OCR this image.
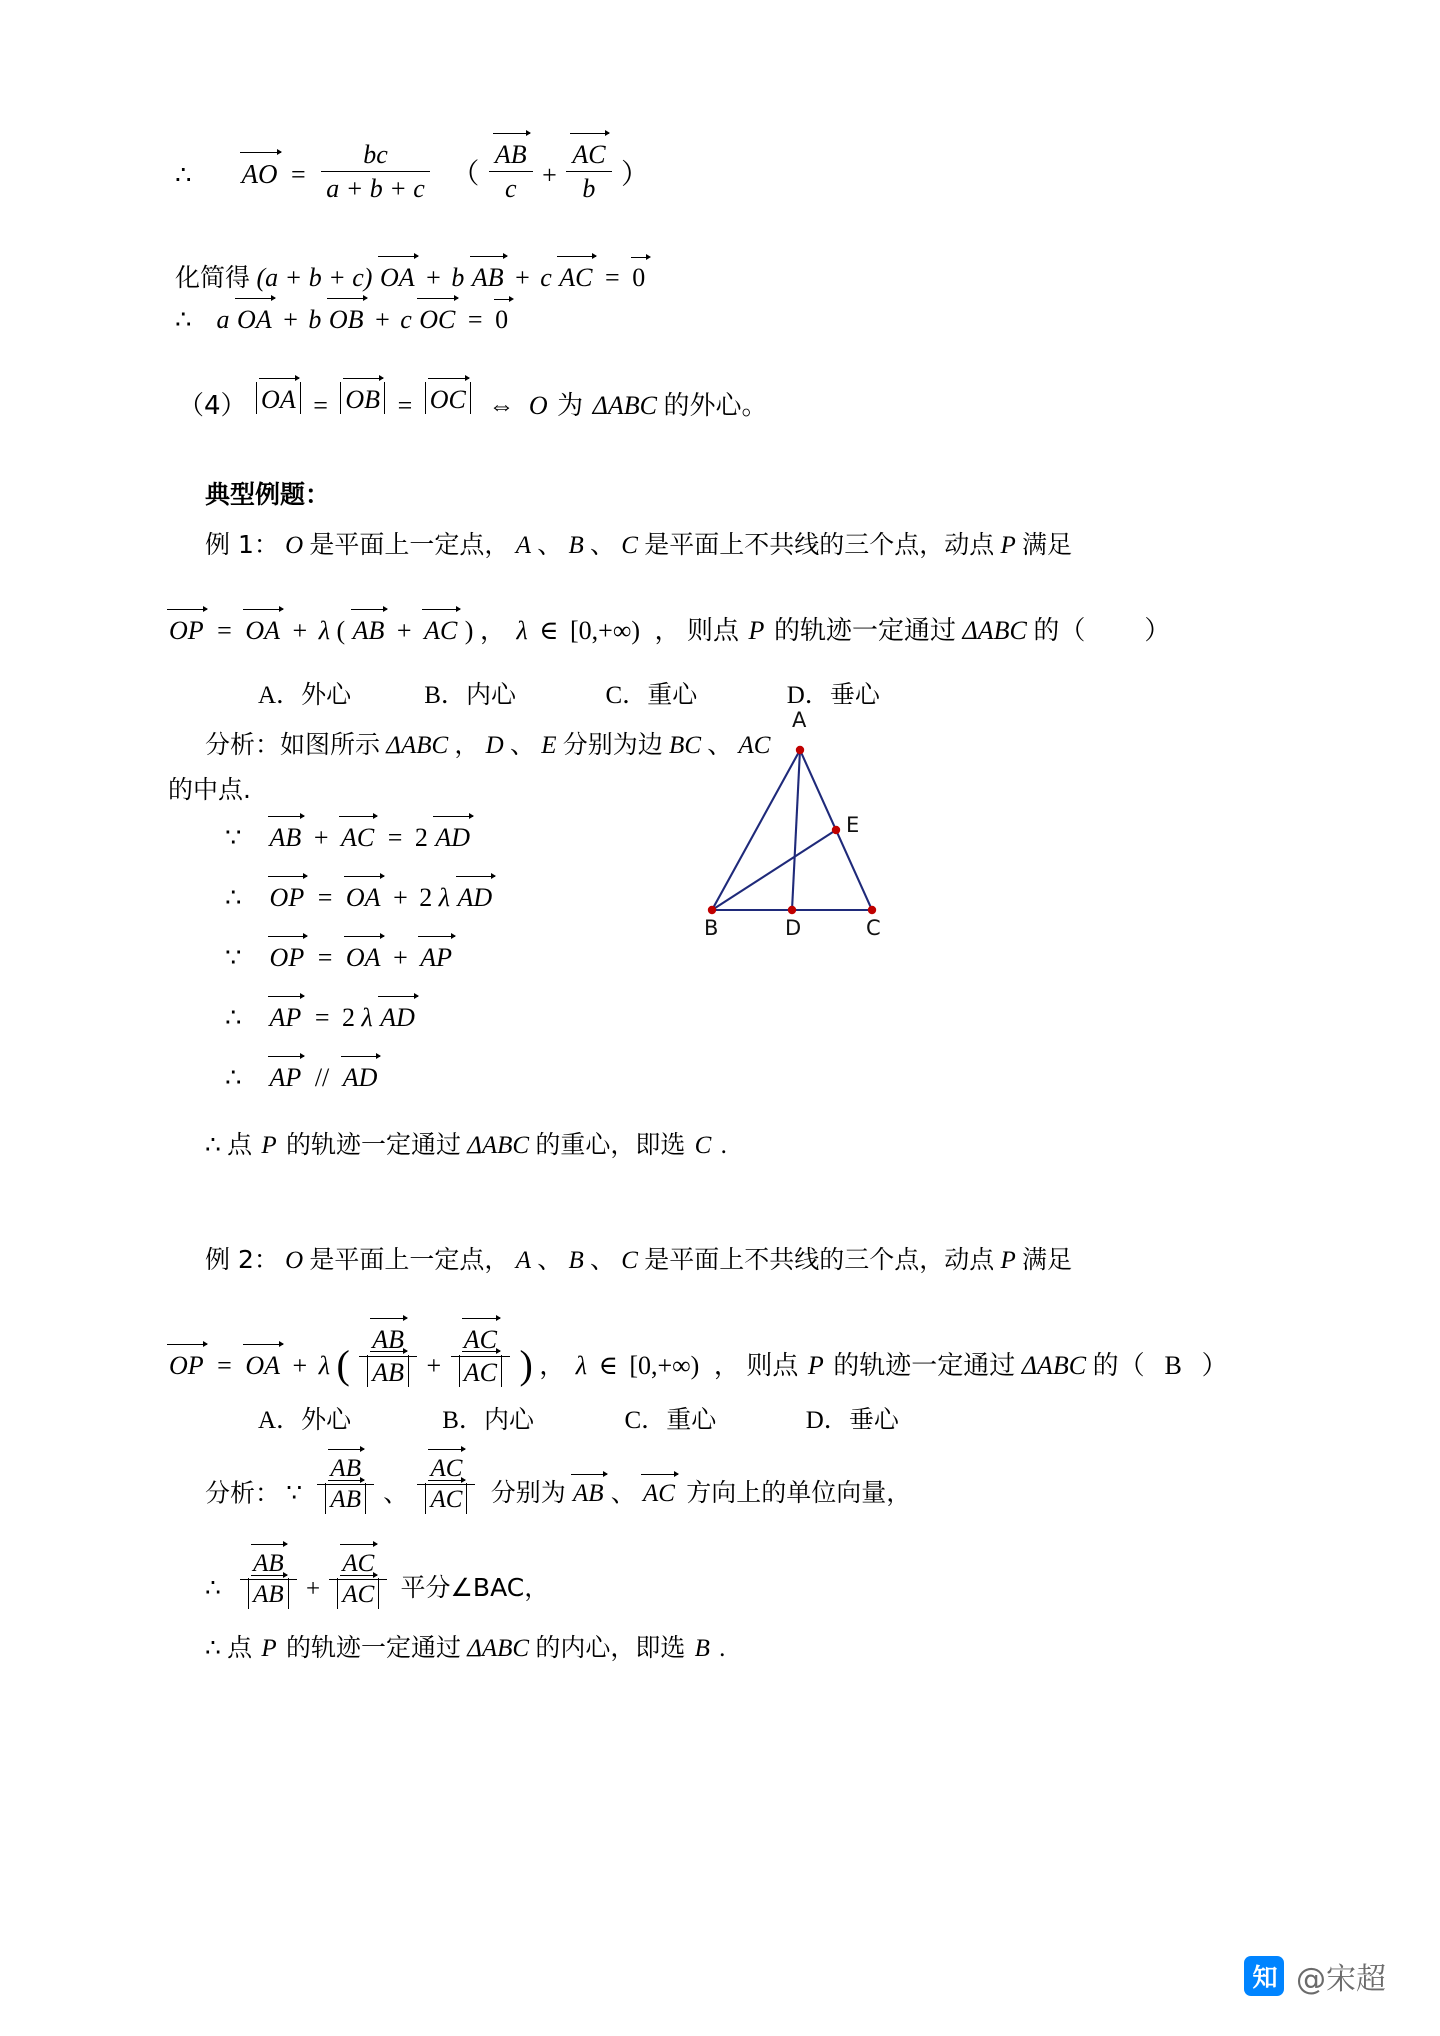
∴ AO = $\frac{bc}{a + b + c}$ （ $\frac{AB}{c} + \frac{AC}{b}$ ）
化简得 (a + b + c) OA + b AB + c AC = 0
∴ a OA + b OB + c OC = 0
（4） OA = OB = OC ⇔ O 为 ΔABC 的外心。
典型例题：
例 1： O 是平面上一定点， A 、 B 、 C 是平面上不共线的三个点，动点 P 满足
OP = OA + λ ( AB + AC ) ， λ ∈ [0,+∞) ， 则点 P 的轨迹一定通过 ΔABC 的（ ）
A．外心	B．内心	C．重心	D．垂心
分析：如图所示 ΔABC ， D 、 E 分别为边 BC 、 AC
的中点.
∵ AB + AC = 2 AD
∴ OP = OA + 2 λ AD
∵ OP = OA + AP
∴ AP = 2 λ AD
∴ AP // AD
∴ 点 P 的轨迹一定通过 ΔABC 的重心，即选 C .
A
B	C
D
E
例 2： O 是平面上一定点， A 、 B 、 C 是平面上不共线的三个点，动点 P 满足
OP = OA + λ ( $\frac{AB}{AB} + \frac{AC}{AC}$ ) ， λ ∈ [0,+∞) ， 则点 P 的轨迹一定通过 ΔABC 的（ B ）
A．外心	B．内心	C．重心	D．垂心
分析： ∵ $\frac{AB}{AB}$ 、 $\frac{AC}{AC}$ 分别为 AB 、 AC 方向上的单位向量，
∴ $\frac{AB}{AB} + \frac{AC}{AC}$ 平分∠BAC，
∴ 点 P 的轨迹一定通过 ΔABC 的内心，即选 B .
知 @宋超
